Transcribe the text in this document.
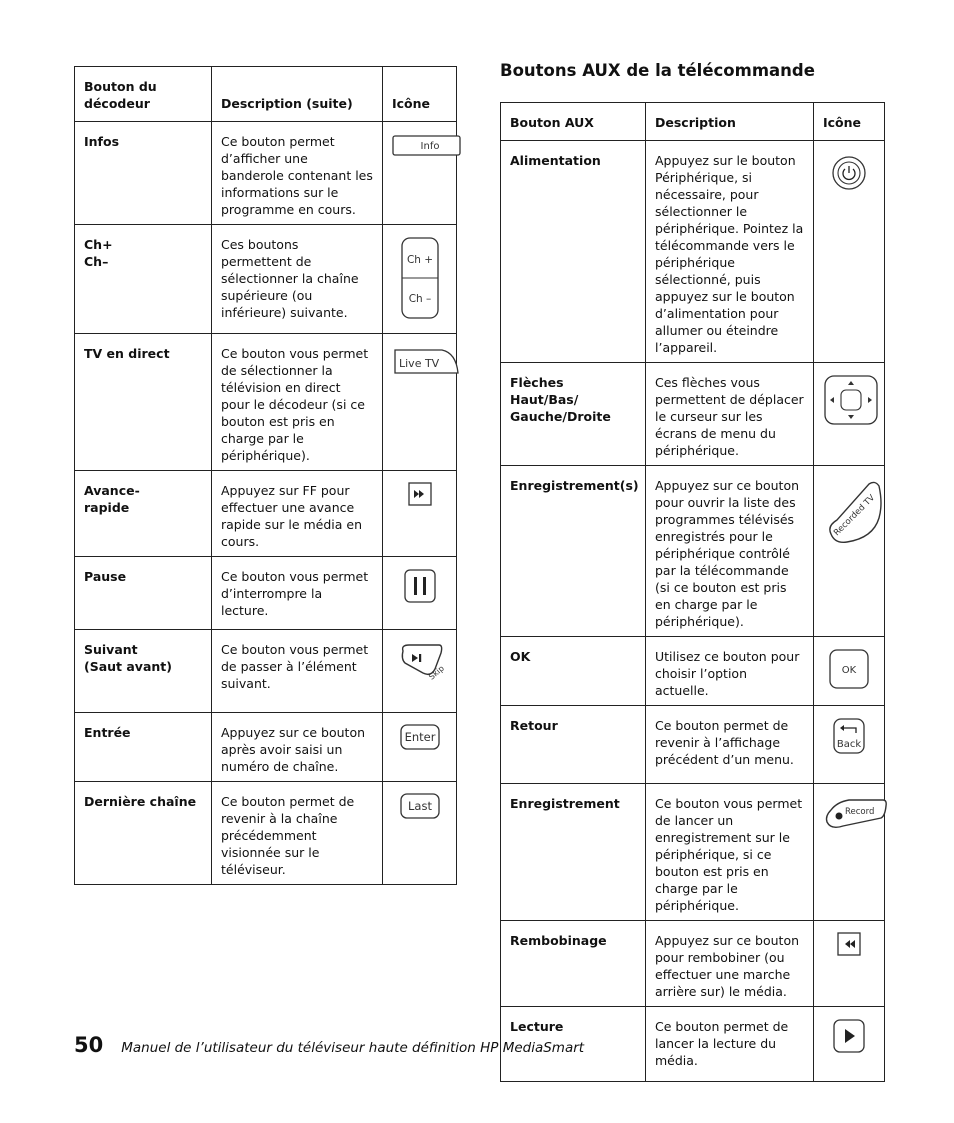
Bouton du décodeur	Description (suite)	Icône
Infos	Ce bouton permet d’afficher une banderole contenant les informations sur le programme en cours.	Info

Ch+
Ch–	Ces boutons permettent de sélectionner la chaîne supérieure (ou inférieure) suivante.	Ch +
Ch –

TV en direct	Ce bouton vous permet de sélectionner la télévision en direct pour le décodeur (si ce bouton est pris en charge par le périphérique).	Live TV

Avance-
rapide	Appuyez sur FF pour effectuer une avance rapide sur le média en cours.	

Pause	Ce bouton vous permet d’interrompre la lecture.	

Suivant
(Saut avant)	Ce bouton vous permet de passer à l’élément suivant.	Skip

Entrée	Appuyez sur ce bouton après avoir saisi un numéro de chaîne.	Enter

Dernière chaîne	Ce bouton permet de revenir à la chaîne précédemment visionnée sur le téléviseur.	Last
Boutons AUX de la télécommande
Bouton AUX	Description	Icône
Alimentation	Appuyez sur le bouton Périphérique, si nécessaire, pour sélectionner le périphérique. Pointez la télécommande vers le périphérique sélectionné, puis appuyez sur le bouton d’alimentation pour allumer ou éteindre l’appareil.	

Flèches Haut/Bas/
Gauche/Droite	Ces flèches vous permettent de déplacer le curseur sur les écrans de menu du périphérique.	

Enregistrement(s)	Appuyez sur ce bouton pour ouvrir la liste des programmes télévisés enregistrés pour le périphérique contrôlé par la télécommande (si ce bouton est pris en charge par le périphérique).	Recorded TV

OK	Utilisez ce bouton pour choisir l’option actuelle.	OK

Retour	Ce bouton permet de revenir à l’affichage précédent d’un menu.	Back

Enregistrement	Ce bouton vous permet de lancer un enregistrement sur le périphérique, si ce bouton est pris en charge par le périphérique.	Record

Rembobinage	Appuyez sur ce bouton pour rembobiner (ou effectuer une marche arrière sur) le média.	

Lecture	Ce bouton permet de lancer la lecture du média.	
50 Manuel de l’utilisateur du téléviseur haute définition HP MediaSmart
